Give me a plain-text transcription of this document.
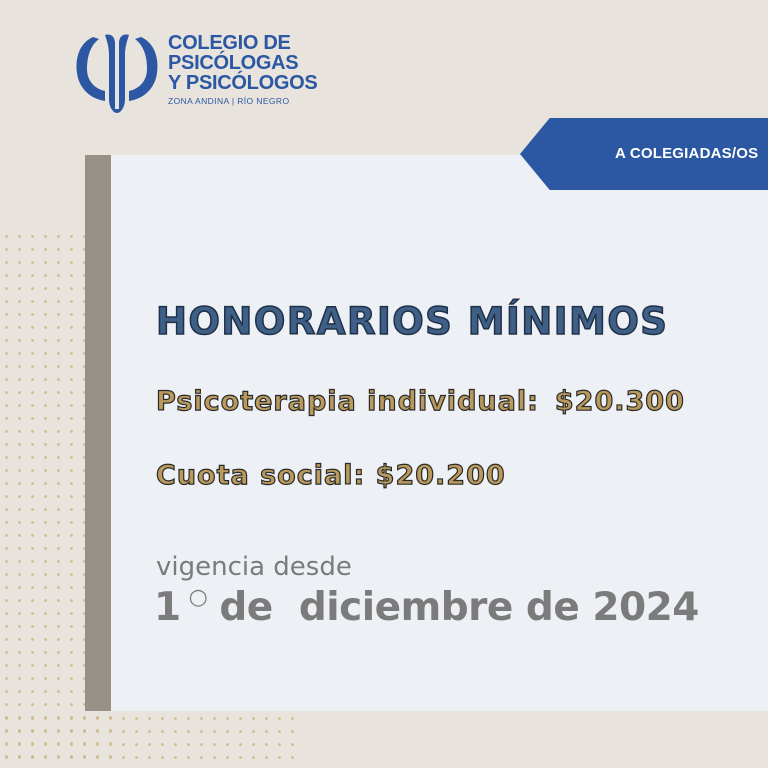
COLEGIO DE
PSICÓLOGAS
Y PSICÓLOGOS
ZONA ANDINA | RÍO NEGRO
A COLEGIADAS/OS
HONORARIOS MÍNIMOS

Psicoterapia individual: $20.300

Cuota social: $20.200

vigencia desde

1 ○ de  diciembre de 2024
